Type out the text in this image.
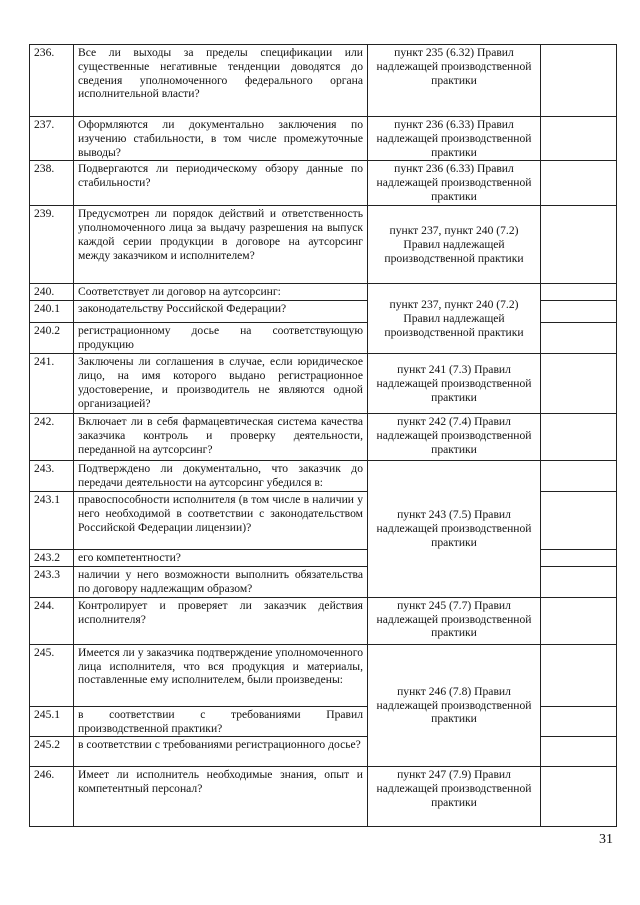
236.	Все ли выходы за пределы спецификации или существенные негативные тенденции доводятся до сведения уполномоченного федерального органа исполнительной власти?	пункт 235 (6.32) Правил надлежащей производственной практики	
237.	Оформляются ли документально заключения по изучению стабильности, в том числе промежуточные выводы?	пункт 236 (6.33) Правил надлежащей производственной практики	
238.	Подвергаются ли периодическому обзору данные по стабильности?	пункт 236 (6.33) Правил надлежащей производственной практики	
239.	Предусмотрен ли порядок действий и ответственность уполномоченного лица за выдачу разрешения на выпуск каждой серии продукции в договоре на аутсорсинг между заказчиком и исполнителем?	пункт 237, пункт 240 (7.2) Правил надлежащей производственной практики	
240.	Соответствует ли договор на аутсорсинг:	пункт 237, пункт 240 (7.2) Правил надлежащей производственной практики	
240.1	законодательству Российской Федерации?		
240.2	регистрационному досье на соответствующую продукцию		
241.	Заключены ли соглашения в случае, если юридическое лицо, на имя которого выдано регистрационное удостоверение, и производитель не являются одной организацией?	пункт 241 (7.3) Правил надлежащей производственной практики	
242.	Включает ли в себя фармацевтическая система качества заказчика контроль и проверку деятельности, переданной на аутсорсинг?	пункт 242 (7.4) Правил надлежащей производственной практики	
243.	Подтверждено ли документально, что заказчик до передачи деятельности на аутсорсинг убедился в:	пункт 243 (7.5) Правил надлежащей производственной практики	
243.1	правоспособности исполнителя (в том числе в наличии у него необходимой в соответствии с законодательством Российской Федерации лицензии)?		
243.2	его компетентности?		
243.3	наличии у него возможности выполнить обязательства по договору надлежащим образом?		
244.	Контролирует и проверяет ли заказчик действия исполнителя?	пункт 245 (7.7) Правил надлежащей производственной практики	
245.	Имеется ли у заказчика подтверждение уполномоченного лица исполнителя, что вся продукция и материалы, поставленные ему исполнителем, были произведены:	пункт 246 (7.8) Правил надлежащей производственной практики	
245.1	в соответствии с требованиями Правил производственной практики?		
245.2	в соответствии с требованиями регистрационного досье?		
246.	Имеет ли исполнитель необходимые знания, опыт и компетентный персонал?	пункт 247 (7.9) Правил надлежащей производственной практики	
31
